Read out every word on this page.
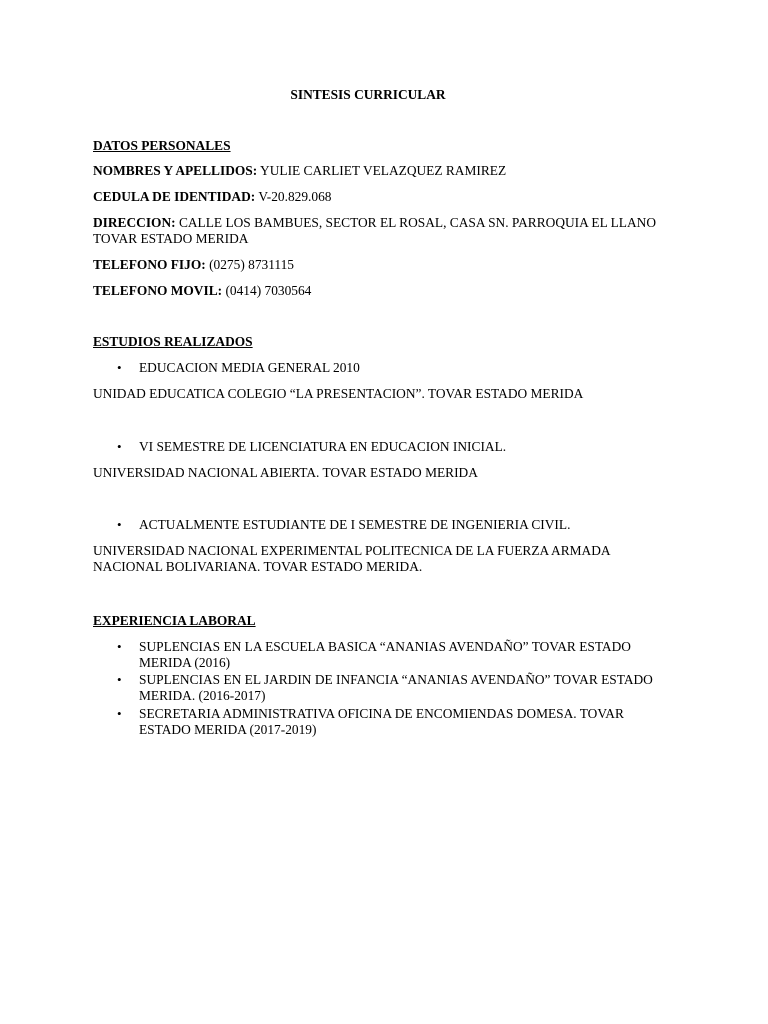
SINTESIS CURRICULAR
DATOS PERSONALES
NOMBRES Y APELLIDOS: YULIE CARLIET VELAZQUEZ RAMIREZ
CEDULA DE IDENTIDAD: V-20.829.068
DIRECCION: CALLE LOS BAMBUES, SECTOR EL ROSAL, CASA SN. PARROQUIA EL LLANO TOVAR ESTADO MERIDA
TELEFONO FIJO: (0275) 8731115
TELEFONO MOVIL: (0414) 7030564
ESTUDIOS REALIZADOS
• EDUCACION MEDIA GENERAL 2010
UNIDAD EDUCATICA COLEGIO “LA PRESENTACION”. TOVAR ESTADO MERIDA
• VI SEMESTRE DE LICENCIATURA EN EDUCACION INICIAL.
UNIVERSIDAD NACIONAL ABIERTA. TOVAR ESTADO MERIDA
• ACTUALMENTE ESTUDIANTE DE I SEMESTRE DE INGENIERIA CIVIL.
UNIVERSIDAD NACIONAL EXPERIMENTAL POLITECNICA DE LA FUERZA ARMADA NACIONAL BOLIVARIANA. TOVAR ESTADO MERIDA.
EXPERIENCIA LABORAL
• SUPLENCIAS EN LA ESCUELA BASICA “ANANIAS AVENDAÑO” TOVAR ESTADO MERIDA (2016)
• SUPLENCIAS EN EL JARDIN DE INFANCIA “ANANIAS AVENDAÑO” TOVAR ESTADO MERIDA. (2016-2017)
• SECRETARIA ADMINISTRATIVA OFICINA DE ENCOMIENDAS DOMESA. TOVAR ESTADO MERIDA (2017-2019)
